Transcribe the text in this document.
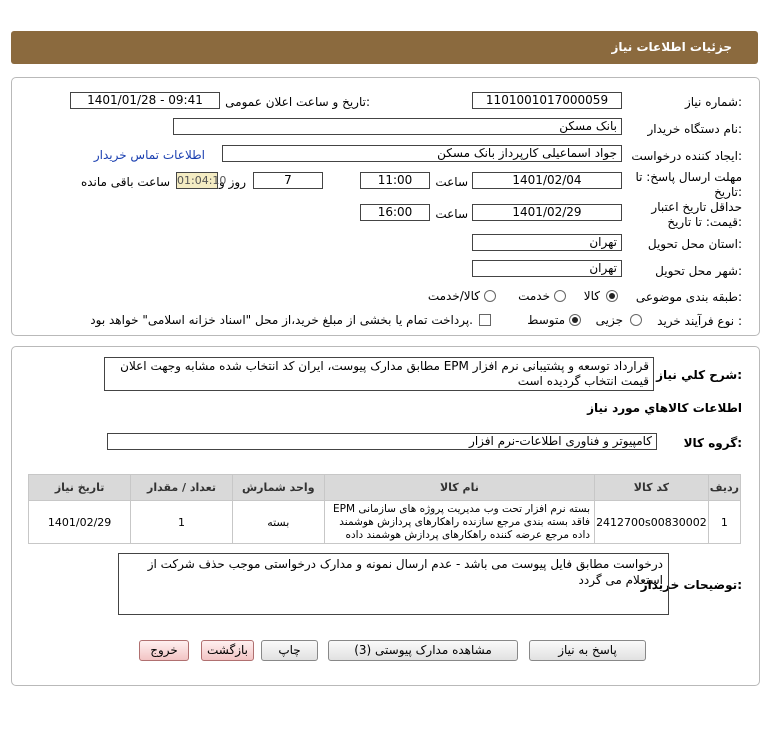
جزئیات اطلاعات نیاز
شماره نیاز:
1101001017000059
تاریخ و ساعت اعلان عمومی:
1401/01/28 - 09:41
نام دستگاه خریدار:
بانک مسکن
ایجاد کننده درخواست:
جواد اسماعیلی کارپرداز بانک مسکن
اطلاعات تماس خریدار
مهلت ارسال پاسخ: تا
تاریخ:
1401/02/04
ساعت
11:00
7
روز و
01:04:10
ساعت باقی مانده
حداقل تاریخ اعتبار
قیمت: تا تاریخ:
1401/02/29
ساعت
16:00
استان محل تحویل:
تهران
شهر محل تحویل:
تهران
طبقه بندی موضوعی:
کالا
خدمت
کالا/خدمت
نوع فرآیند خرید :
جزیی
متوسط
پرداخت تمام یا بخشی از مبلغ خرید،از محل "اسناد خزانه اسلامی" خواهد بود.
شرح کلي نياز:
قرارداد توسعه و پشتیبانی نرم افزار EPM مطابق مدارک پیوست، ایران کد انتخاب شده مشابه وجهت اعلان قیمت انتخاب گردیده است
اطلاعات کالاهاي مورد نياز
گروه کالا:
کامپیوتر و فناوری اطلاعات-نرم افزار
ردیف	کد کالا	نام کالا	واحد شمارش	تعداد / مقدار	تاریخ نیاز
1	2412700s00830002	بسته نرم افزار تحت وب مدیریت پروژه های سازمانی EPM فاقد بسته بندی مرجع سازنده راهکارهای پردازش هوشمند داده مرجع عرضه کننده راهکارهای پردازش هوشمند داده	بسته	1	1401/02/29
توضیحات خریدار:
درخواست مطابق فایل پیوست می باشد - عدم ارسال نمونه و مدارک درخواستی موجب حذف شرکت از استعلام می گردد
پاسخ به نیاز
مشاهده مدارک پیوستی (3)
چاپ
بازگشت
خروج
